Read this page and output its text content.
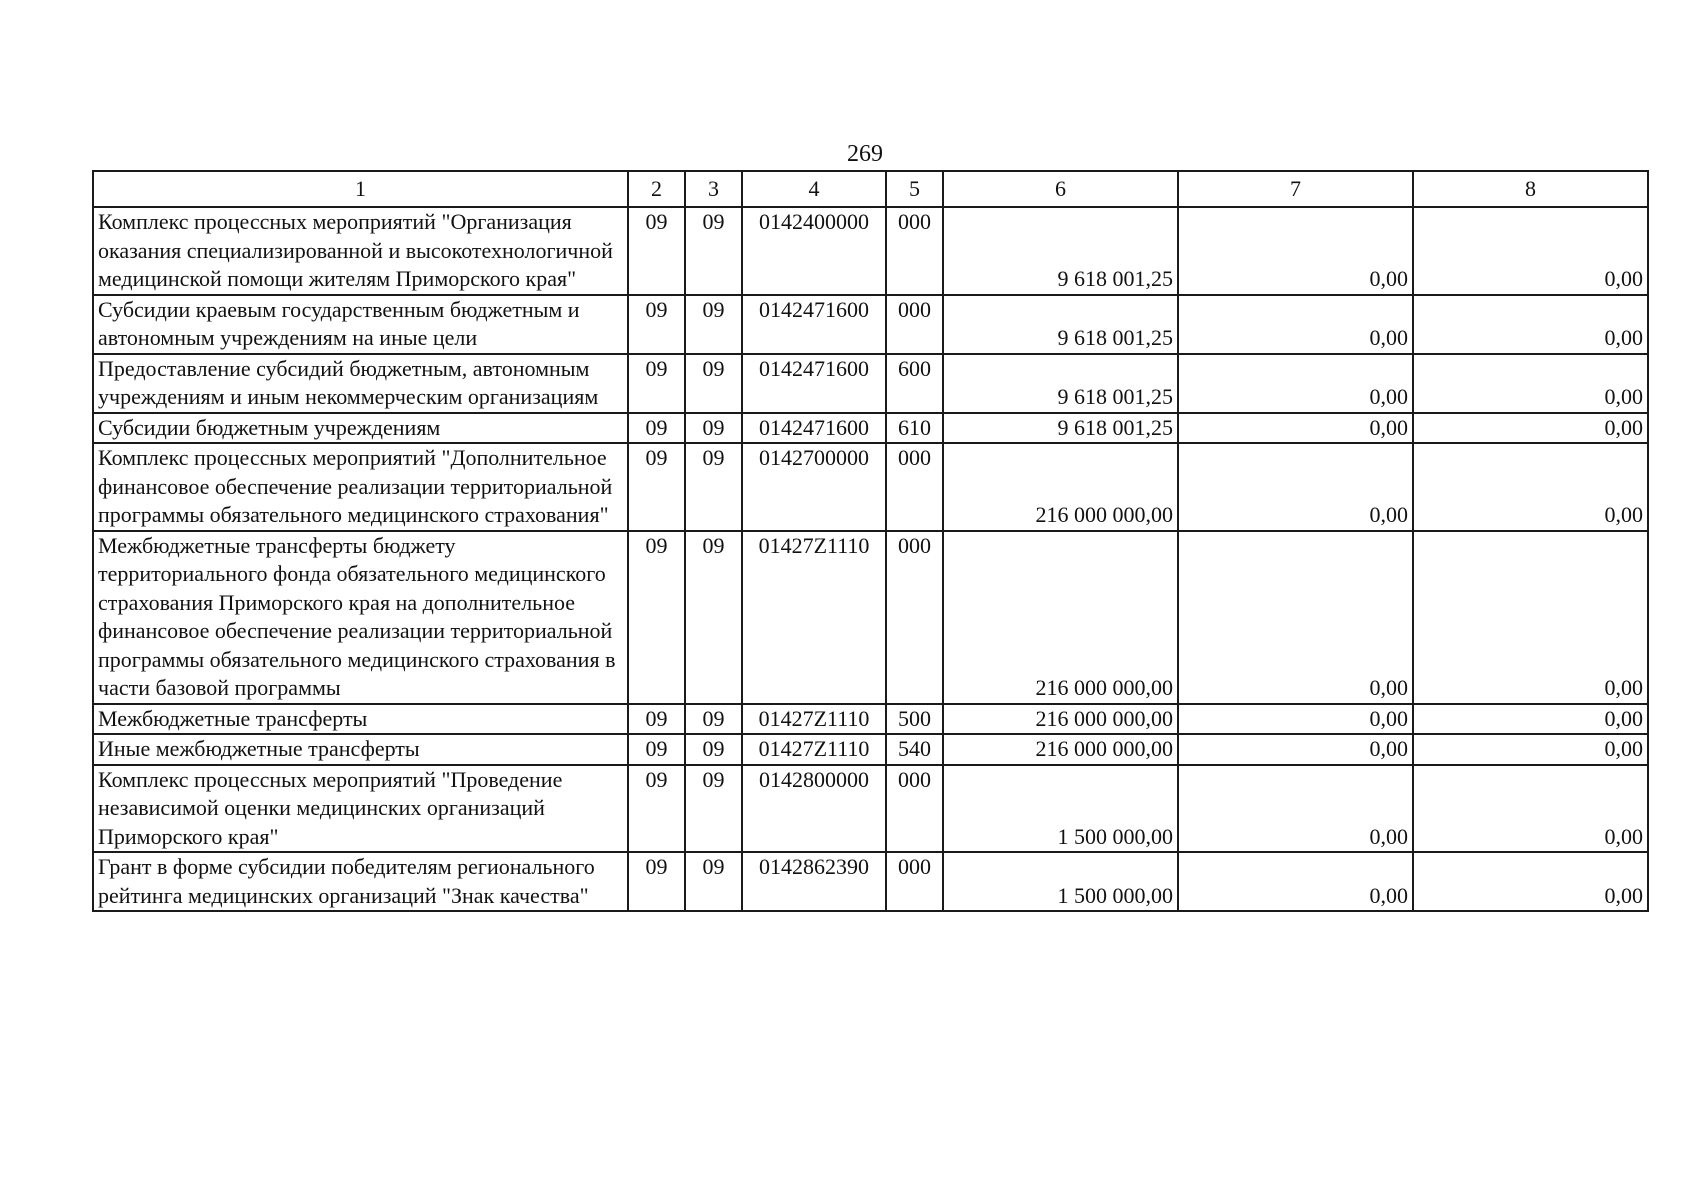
269
1	2	3	4	5	6	7	8
Комплекс процессных мероприятий "Организация оказания специализированной и высокотехнологичной медицинской помощи жителям Приморского края"	09	09	0142400000	000	9 618 001,25	0,00	0,00
Субсидии краевым государственным бюджетным и автономным учреждениям на иные цели	09	09	0142471600	000	9 618 001,25	0,00	0,00
Предоставление субсидий бюджетным, автономным учреждениям и иным некоммерческим организациям	09	09	0142471600	600	9 618 001,25	0,00	0,00
Субсидии бюджетным учреждениям	09	09	0142471600	610	9 618 001,25	0,00	0,00
Комплекс процессных мероприятий "Дополнительное финансовое обеспечение реализации территориальной программы обязательного медицинского страхования"	09	09	0142700000	000	216 000 000,00	0,00	0,00
Межбюджетные трансферты бюджету территориального фонда обязательного медицинского страхования Приморского края на дополнительное финансовое обеспечение реализации территориальной программы обязательного медицинского страхования в части базовой программы	09	09	01427Z1110	000	216 000 000,00	0,00	0,00
Межбюджетные трансферты	09	09	01427Z1110	500	216 000 000,00	0,00	0,00
Иные межбюджетные трансферты	09	09	01427Z1110	540	216 000 000,00	0,00	0,00
Комплекс процессных мероприятий "Проведение независимой оценки медицинских организаций Приморского края"	09	09	0142800000	000	1 500 000,00	0,00	0,00
Грант в форме субсидии победителям регионального рейтинга медицинских организаций "Знак качества"	09	09	0142862390	000	1 500 000,00	0,00	0,00
